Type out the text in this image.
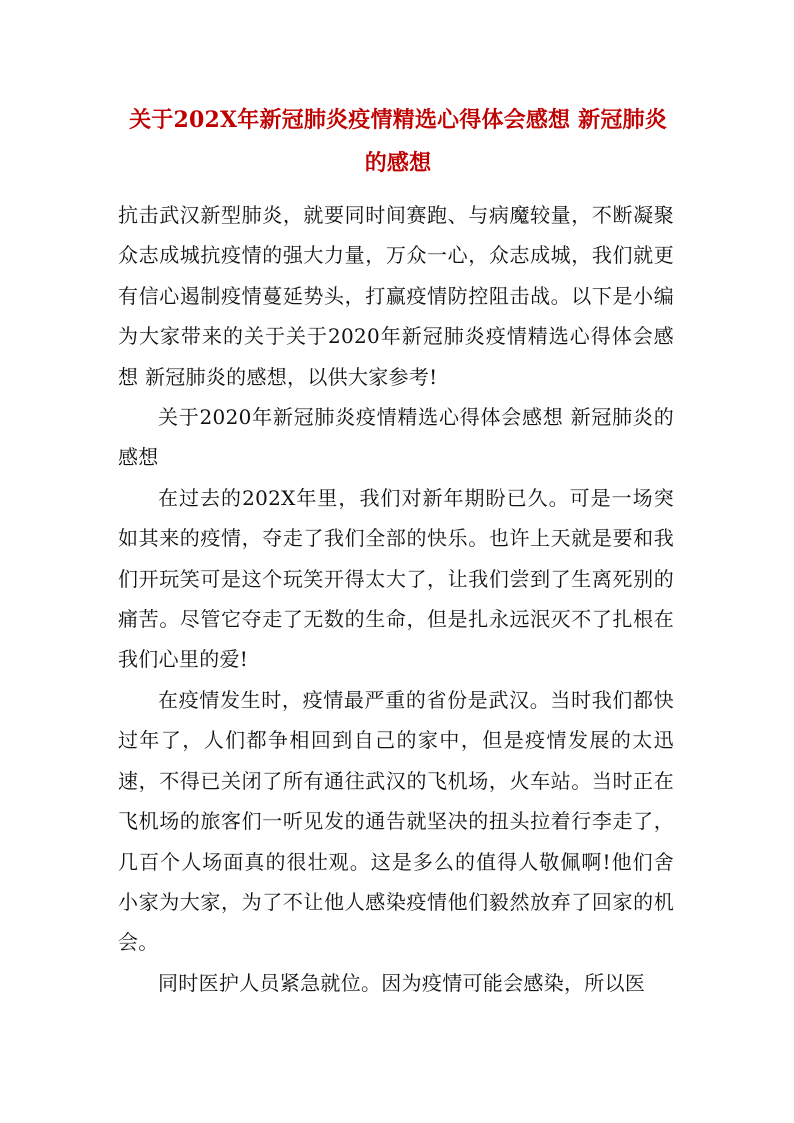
关于202X年新冠肺炎疫情精选心得体会感想 新冠肺炎的感想

抗击武汉新型肺炎，就要同时间赛跑、与病魔较量，不断凝聚众志成城抗疫情的强大力量，万众一心，众志成城，我们就更有信心遏制疫情蔓延势头，打赢疫情防控阻击战。以下是小编为大家带来的关于关于2020年新冠肺炎疫情精选心得体会感想 新冠肺炎的感想，以供大家参考!

关于2020年新冠肺炎疫情精选心得体会感想 新冠肺炎的感想

在过去的202X年里，我们对新年期盼已久。可是一场突如其来的疫情，夺走了我们全部的快乐。也许上天就是要和我们开玩笑可是这个玩笑开得太大了，让我们尝到了生离死别的痛苦。尽管它夺走了无数的生命，但是扎永远泯灭不了扎根在我们心里的爱!

在疫情发生时，疫情最严重的省份是武汉。当时我们都快过年了，人们都争相回到自己的家中，但是疫情发展的太迅速，不得已关闭了所有通往武汉的飞机场，火车站。当时正在飞机场的旅客们一听见发的通告就坚决的扭头拉着行李走了，几百个人场面真的很壮观。这是多么的值得人敬佩啊!他们舍小家为大家，为了不让他人感染疫情他们毅然放弃了回家的机会。

同时医护人员紧急就位。因为疫情可能会感染，所以医
